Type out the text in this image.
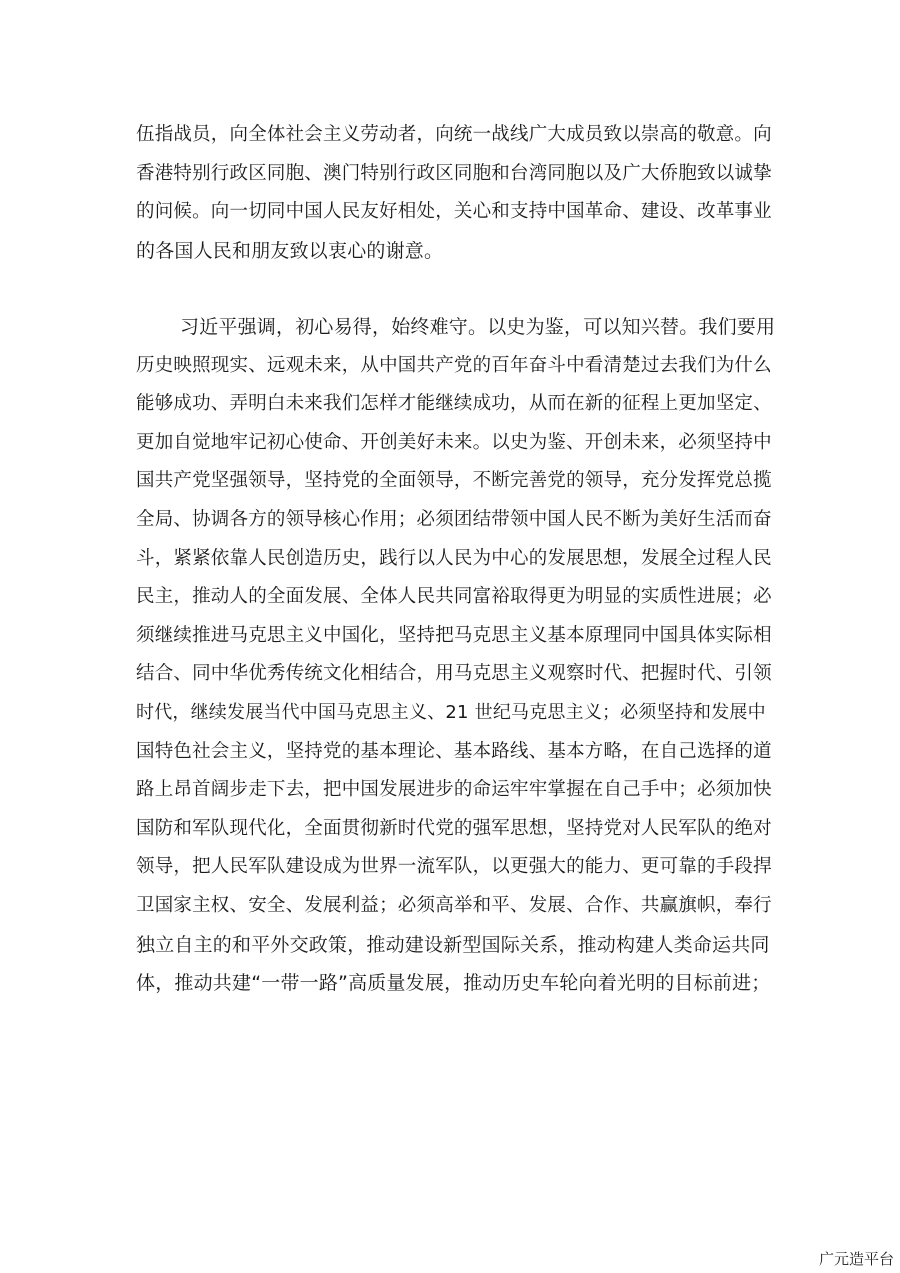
伍指战员，向全体社会主义劳动者，向统一战线广大成员致以崇高的敬意。向
香港特别行政区同胞、澳门特别行政区同胞和台湾同胞以及广大侨胞致以诚挚
的问候。向一切同中国人民友好相处，关心和支持中国革命、建设、改革事业
的各国人民和朋友致以衷心的谢意。
习近平强调，初心易得，始终难守。以史为鉴，可以知兴替。我们要用
历史映照现实、远观未来，从中国共产党的百年奋斗中看清楚过去我们为什么
能够成功、弄明白未来我们怎样才能继续成功，从而在新的征程上更加坚定、
更加自觉地牢记初心使命、开创美好未来。以史为鉴、开创未来，必须坚持中
国共产党坚强领导，坚持党的全面领导，不断完善党的领导，充分发挥党总揽
全局、协调各方的领导核心作用；必须团结带领中国人民不断为美好生活而奋
斗，紧紧依靠人民创造历史，践行以人民为中心的发展思想，发展全过程人民
民主，推动人的全面发展、全体人民共同富裕取得更为明显的实质性进展；必
须继续推进马克思主义中国化，坚持把马克思主义基本原理同中国具体实际相
结合、同中华优秀传统文化相结合，用马克思主义观察时代、把握时代、引领
时代，继续发展当代中国马克思主义、21 世纪马克思主义；必须坚持和发展中
国特色社会主义，坚持党的基本理论、基本路线、基本方略，在自己选择的道
路上昂首阔步走下去，把中国发展进步的命运牢牢掌握在自己手中；必须加快
国防和军队现代化，全面贯彻新时代党的强军思想，坚持党对人民军队的绝对
领导，把人民军队建设成为世界一流军队，以更强大的能力、更可靠的手段捍
卫国家主权、安全、发展利益；必须高举和平、发展、合作、共赢旗帜，奉行
独立自主的和平外交政策，推动建设新型国际关系，推动构建人类命运共同
体，推动共建“一带一路”高质量发展，推动历史车轮向着光明的目标前进；
广元造平台
